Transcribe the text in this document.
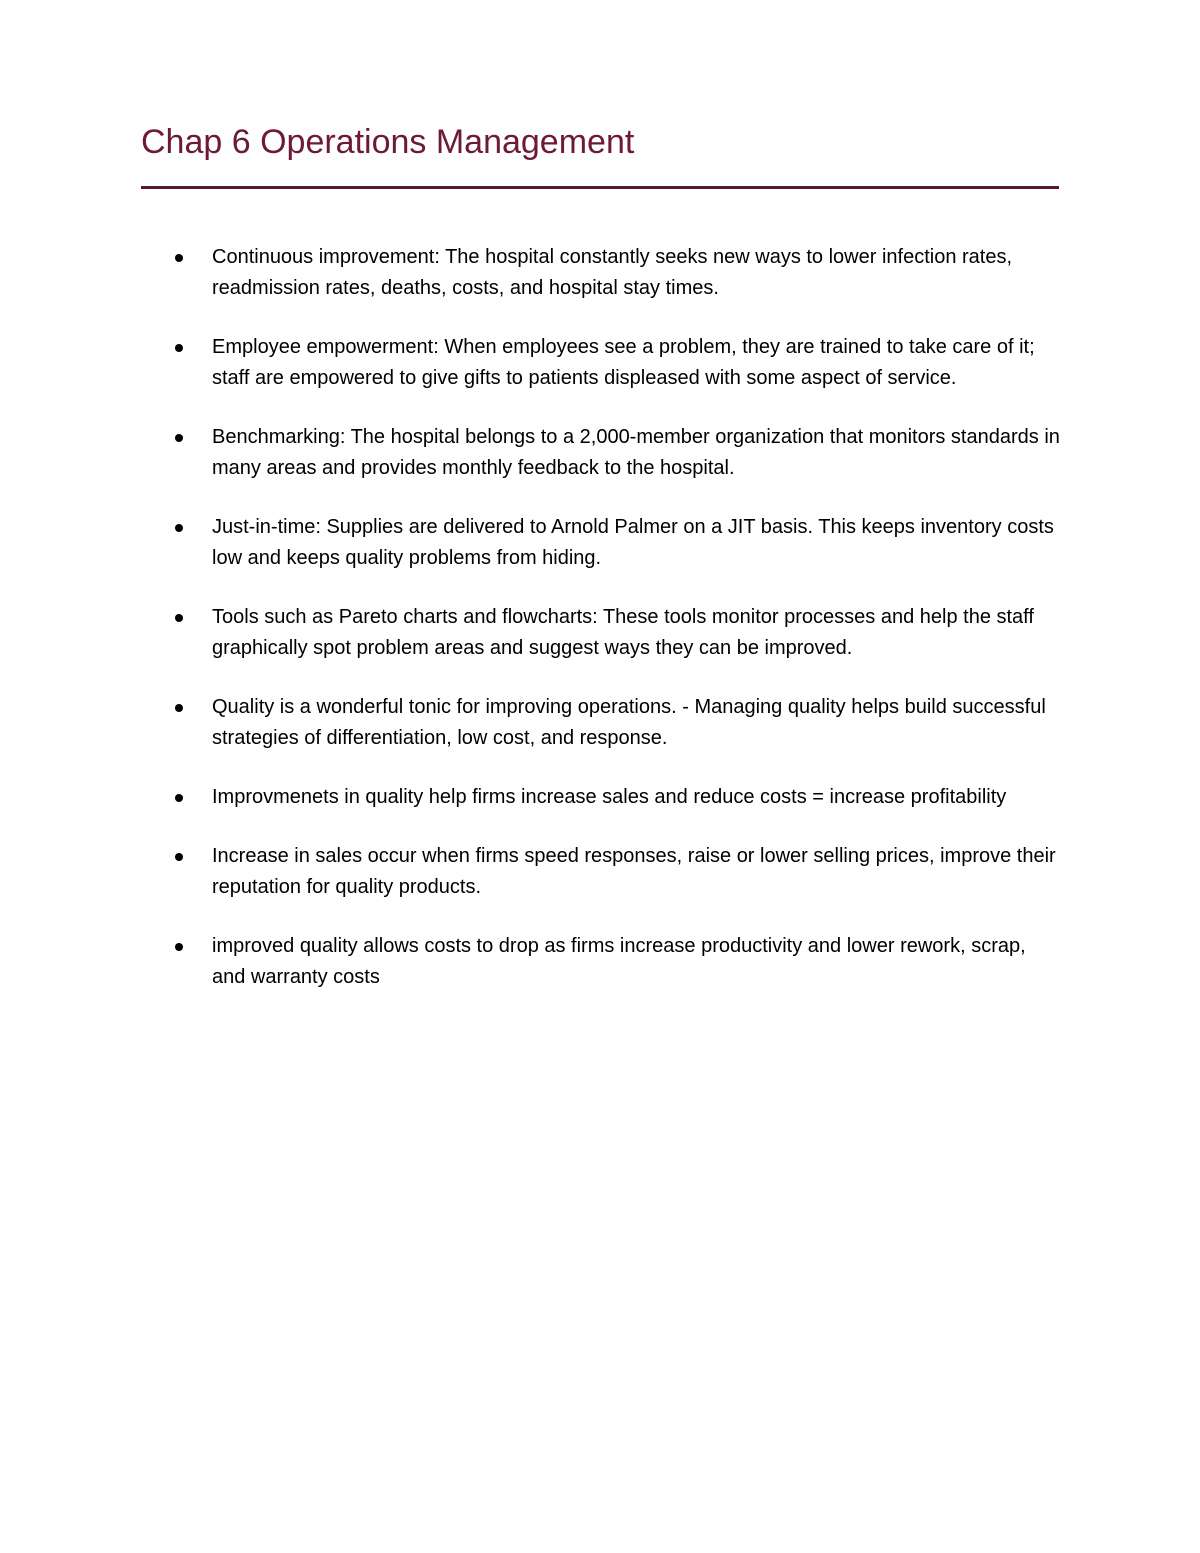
Chap 6 Operations Management
Continuous improvement: The hospital constantly seeks new ways to lower infection rates, readmission rates, deaths, costs, and hospital stay times.
Employee empowerment: When employees see a problem, they are trained to take care of it; staff are empowered to give gifts to patients displeased with some aspect of service.
Benchmarking: The hospital belongs to a 2,000-member organization that monitors standards in many areas and provides monthly feedback to the hospital.
Just-in-time: Supplies are delivered to Arnold Palmer on a JIT basis. This keeps inventory costs low and keeps quality problems from hiding.
Tools such as Pareto charts and flowcharts: These tools monitor processes and help the staff graphically spot problem areas and suggest ways they can be improved.
Quality is a wonderful tonic for improving operations. - Managing quality helps build successful strategies of differentiation, low cost, and response.
Improvmenets in quality help firms increase sales and reduce costs = increase profitability
Increase in sales occur when firms speed responses, raise or lower selling prices, improve their reputation for quality products.
improved quality allows costs to drop as firms increase productivity and lower rework, scrap, and warranty costs
